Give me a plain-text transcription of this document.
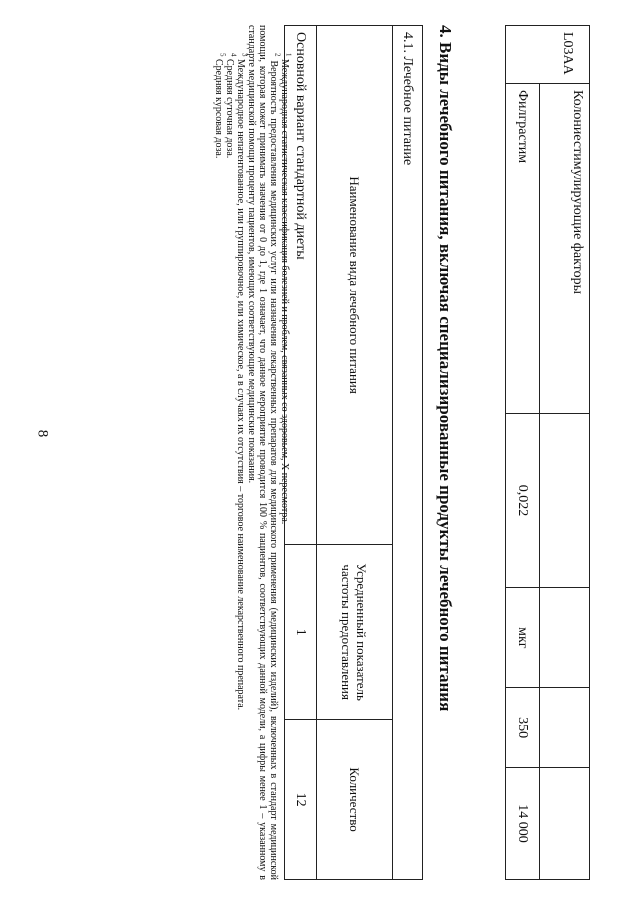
8
L03AA	Колониестимулирующие факторы				
	Филграстим	0,022	мкг	350	14 000
4. Виды лечебного питания, включая специализированные продукты лечебного питания
4.1. Лечебное питание		
Наименование вида лечебного питания	Усредненный показатель частоты предоставления	Количество
Основной вариант стандартной диеты	1	12

$^1$ Международная статистическая классификация болезней и проблем, связанных со здоровьем, X пересмотра.

$^2$ Вероятность предоставления медицинских услуг или назначения лекарственных препаратов для медицинского применения (медицинских изделий), включенных в стандарт медицинской помощи, которая может принимать значения от 0 до 1, где 1 означает, что данное мероприятие проводится 100 % пациентов, соответствующих данной модели, а цифры менее 1 – указанному в стандарте медицинской помощи проценту пациентов, имеющих соответствующие медицинские показания.

$^3$ Международное непатентованное, или группировочное, или химическое, а в случаях их отсутствия – торговое наименование лекарственного препарата.

$^4$ Средняя суточная доза.

$^5$ Средняя курсовая доза.
